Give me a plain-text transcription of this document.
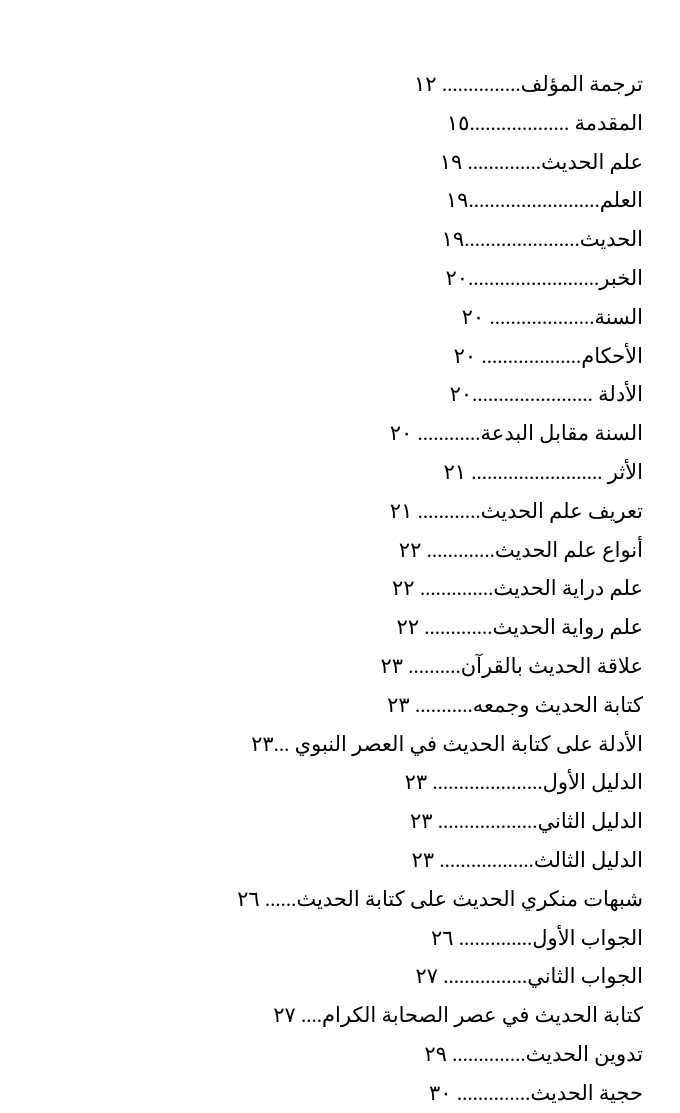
ترجمة المؤلف............... ١٢
المقدمة ...................١٥
علم الحديث.............. ١٩
العلم.........................١٩
الحديث......................١٩
الخبر.........................٢٠
السنة.................... ٢٠
الأحكام................... ٢٠
الأدلة .......................٢٠
السنة مقابل البدعة............ ٢٠
الأثر ......................... ٢١
تعريف علم الحديث............ ٢١
أنواع علم الحديث............. ٢٢
علم دراية الحديث.............. ٢٢
علم رواية الحديث............. ٢٢
علاقة الحديث بالقرآن.......... ٢٣
كتابة الحديث وجمعه........... ٢٣
الأدلة على كتابة الحديث في العصر النبوي ...٢٣
الدليل الأول..................... ٢٣
الدليل الثاني................... ٢٣
الدليل الثالث.................. ٢٣
شبهات منكري الحديث على كتابة الحديث...... ٢٦
الجواب الأول.............. ٢٦
الجواب الثاني................ ٢٧
كتابة الحديث في عصر الصحابة الكرام.... ٢٧
تدوين الحديث.............. ٢٩
حجية الحديث.............. ٣٠
